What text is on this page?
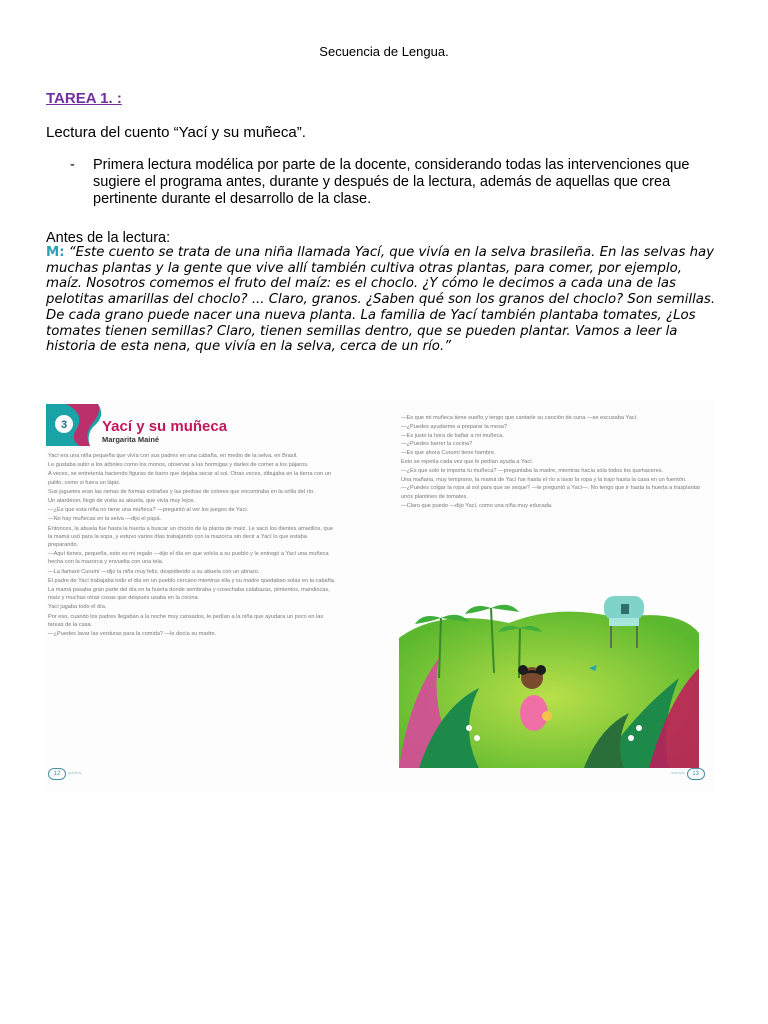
Secuencia de Lengua.
TAREA 1. :
Lectura del cuento “Yací y su muñeca”.
- Primera lectura modélica por parte de la docente, considerando todas las intervenciones que sugiere el programa antes, durante y después de la lectura, además de aquellas que crea pertinente durante el desarrollo de la clase.
Antes de la lectura:
M: “Este cuento se trata de una niña llamada Yací, que vivía en la selva brasileña. En las selvas hay muchas plantas y la gente que vive allí también cultiva otras plantas, para comer, por ejemplo, maíz. Nosotros comemos el fruto del maíz: es el choclo. ¿Y cómo le decimos a cada una de las pelotitas amarillas del choclo? ... Claro, granos. ¿Saben qué son los granos del choclo? Son semillas. De cada grano puede nacer una nueva planta. La familia de Yací también plantaba tomates, ¿Los tomates tienen semillas? Claro, tienen semillas dentro, que se pueden plantar. Vamos a leer la historia de esta nena, que vivía en la selva, cerca de un río.”
3 Yací y su muñeca
Margarita Mainé

Yací era una niña pequeña que vivía con sus padres en una cabaña, en medio de la selva, en Brasil.

Le gustaba subir a los árboles como los monos, observar a las hormigas y darles de comer a los pájaros.

A veces, se entretenía haciendo figuras de barro que dejaba secar al sol. Otras veces, dibujaba en la tierra con un palito, como si fuera un lápiz.

Sus juguetes eran las ramas de formas extrañas y las piedras de colores que encontraba en la orilla del río.

Un atardecer, llegó de visita su abuela, que vivía muy lejos.

—¿Es que esta niña no tiene una muñeca? —preguntó al ver los juegos de Yací.

—No hay muñecas en la selva —dijo el papá.

Entonces, la abuela fue hasta la huerta a buscar un choclo de la planta de maíz. Le sacó los dientes amarillos, que la mamá usó para la sopa, y estuvo varios días trabajando con la mazorca sin decir a Yací lo que estaba preparando.

—Aquí tienes, pequeña, esto es mi regalo —dijo el día en que volvía a su pueblo y le entregó a Yací una muñeca hecha con la mazorca y envuelta con una tela.

—La llamaré Curumí —dijo la niña muy feliz, despidiendo a su abuela con un abrazo.

El padre de Yací trabajaba todo el día en un pueblo cercano mientras ella y su madre quedaban solas en la cabaña.

La mamá pasaba gran parte del día en la huerta donde sembraba y cosechaba calabazas, pimientos, mandiocas, maíz y muchas otras cosas que después usaba en la cocina.

Yací jugaba todo el día.

Por eso, cuando los padres llegaban a la noche muy cansados, le pedían a la niña que ayudara un poco en las tareas de la casa.

—¿Puedes lavar las verduras para la comida? —le decía su madre.

12 ~~~~

—Es que mi muñeca tiene sueño y tengo que cantarle su canción de cuna —se excusaba Yací.

—¿Puedes ayudarme a preparar la mesa?

—Es justo la hora de bañar a mi muñeca.

—¿Puedes barrer la cocina?

—Es que ahora Curumí tiene hambre.

Esto se repetía cada vez que le pedían ayuda a Yací.

—¿Es que solo te importa tu muñeca? —preguntaba la madre, mientras hacía sola todos los quehaceres.

Una mañana, muy temprano, la mamá de Yací fue hasta el río a lavar la ropa y la trajo hasta la casa en un fuentón.

—¿Puedes colgar la ropa al sol para que se seque? —le preguntó a Yací—. No tengo que ir hasta la huerta a trasplantar unos plantines de tomates.

—Claro que puedo —dijo Yací, como una niña muy educada.

~~~~ 13
